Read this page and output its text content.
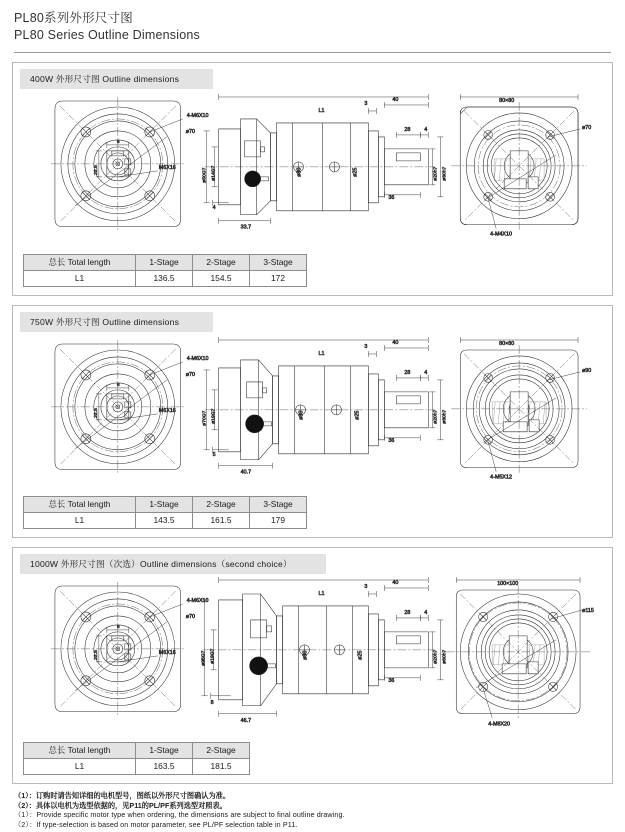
PL80系列外形尺寸图
PL80 Series Outline Dimensions
400W 外形尺寸图 Outline dimensions
4-M6X10
ø70
M6X16
22.5
6
L1
40
3
28	4
36
ø80	ø25	ø20h7 ø60h7
ø14G7
ø50G7
33.7
4
80×80
ø70
4-M4X10
总长 Total length	1-Stage	2-Stage	3-Stage
L1	136.5	154.5	172
750W 外形尺寸图 Outline dimensions
4-M6X10
ø70
M6X16
22.5
6
L1
40
3
28	4
36
ø80	ø25	ø20h7 ø60h7
ø19G7
ø70G7
40.7
5
80×80
ø90
4-M5X12
总长 Total length	1-Stage	2-Stage	3-Stage
L1	143.5	161.5	179
1000W 外形尺寸图（次选）Outline dimensions（second choice）
4-M6X10
ø70
M6X16
22.5
6
L1
40
3
28	4
36
ø80	ø25	ø20h7 ø60h7
ø19G7
ø95G7
46.7
8
100×100
ø115
4-M8X20
总长 Total length	1-Stage	2-Stage
L1	163.5	181.5
（1）：订购时请告知详细的电机型号，图纸以外形尺寸图确认为准。
（2）：具体以电机为选型依据的，见P11的PL/PF系列选型对照表。
（1）：Provide specific motor type when ordering, the dimensions are subject to final outline drawing.
（2）：If type-selection is based on motor parameter, see PL/PF selection table in P11.
